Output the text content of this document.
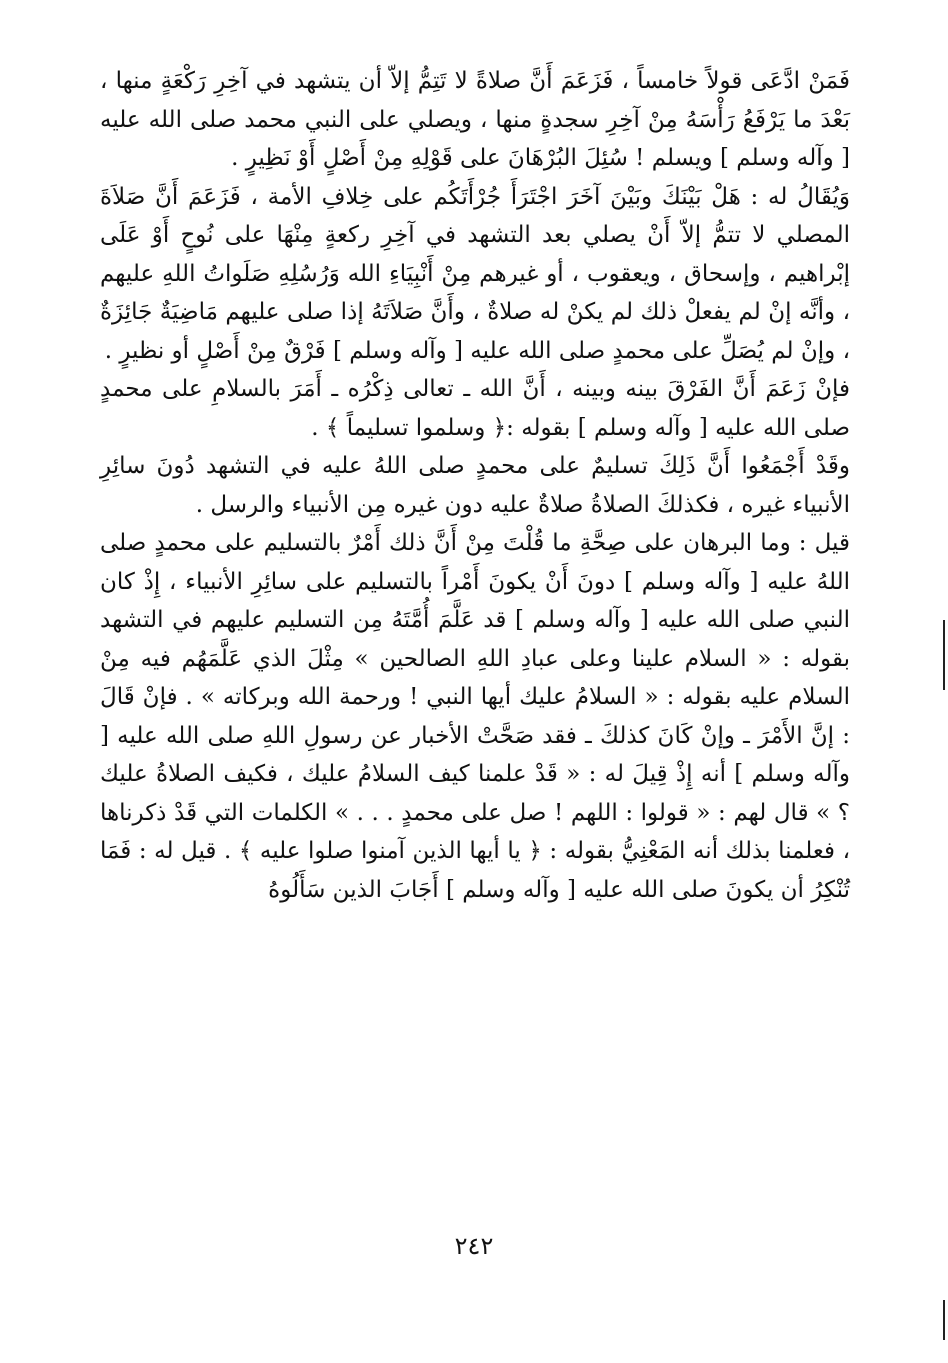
فَمَنْ ادَّعَى قولاً خامساً ، فَزَعَمَ أَنَّ صلاةً لا تَتِمُّ إلاّ أن يتشهد في آخِرِ رَكْعَةٍ منها ، بَعْدَ ما يَرْفَعُ رَأْسَهُ مِنْ آخِرِ سجدةٍ منها ، ويصلي على النبي محمد صلى الله عليه [ وآله وسلم ] ويسلم ! سُئِلَ البُرْهَانَ على قَوْلِهِ مِنْ أَصْلٍ أَوْ نَظِيرٍ .

وَيُقَالُ له : هَلْ بَيْنَكَ وبَيْنَ آخَرَ اجْتَرَأَ جُرْأَتَكُم على خِلافِ الأمة ، فَزَعَمَ أَنَّ صَلاَةَ المصلي لا تتمُّ إلاّ أَنْ يصلي بعد التشهد في آخِرِ ركعةٍ مِنْهَا على نُوحٍ أَوْ عَلَى إبْراهيم ، وإسحاق ، ويعقوب ، أو غيرهم مِنْ أَنْبِيَاءِ الله وَرُسُلِهِ صَلَواتُ اللهِ عليهم ، وأنَّه إنْ لم يفعلْ ذلك لم يكنْ له صلاةٌ ، وأَنَّ صَلاَتَهُ إذا صلى عليهم مَاضِيَةٌ جَائِزَةٌ ، وإنْ لم يُصَلِّ على محمدٍ صلى الله عليه [ وآله وسلم ] فَرْقٌ مِنْ أَصْلٍ أو نظيرٍ .

فإنْ زَعَمَ أَنَّ الفَرْقَ بينه وبينه ، أَنَّ الله ـ تعالى ذِكْرُه ـ أَمَرَ بالسلامِ على محمدٍ صلى الله عليه [ وآله وسلم ] بقوله :﴿ وسلموا تسليماً ﴾ .

وقَدْ أَجْمَعُوا أَنَّ ذَلِكَ تسليمٌ على محمدٍ صلى اللهُ عليه في التشهد دُونَ سائِرِ الأنبياء غيره ، فكذلكَ الصلاةُ صلاةٌ عليه دون غيره مِن الأنبياء والرسل .

قيل : وما البرهان على صِحَّةِ ما قُلْتَ مِنْ أَنَّ ذلك أَمْرٌ بالتسليم على محمدٍ صلى اللهُ عليه [ وآله وسلم ] دونَ أَنْ يكونَ أَمْراً بالتسليم على سائِرِ الأنبياء ، إِذْ كان النبي صلى الله عليه [ وآله وسلم ] قد عَلَّمَ أُمَّتَهُ مِن التسليم عليهم في التشهد بقوله : « السلام علينا وعلى عبادِ اللهِ الصالحين » مِثْلَ الذي عَلَّمَهُم فيه مِنْ السلام عليه بقوله : « السلامُ عليك أيها النبي ! ورحمة الله وبركاته » . فإنْ قَالَ : إنَّ الأَمْرَ ـ وإنْ كَانَ كذلكَ ـ فقد صَحَّتْ الأخبار عن رسولِ اللهِ صلى الله عليه [ وآله وسلم ] أنه إِذْ قِيلَ له : « قَدْ علمنا كيف السلامُ عليك ، فكيف الصلاةُ عليك ؟ » قال لهم : « قولوا : اللهم ! صل على محمدٍ . . . » الكلمات التي قَدْ ذكرناها ، فعلمنا بذلك أنه المَعْنِيُّ بقوله : ﴿ يا أيها الذين آمنوا صلوا عليه ﴾ . قيل له : فَمَا تُنْكِرُ أن يكونَ صلى الله عليه [ وآله وسلم ] أَجَابَ الذين سَأَلُوهُ

٢٤٢
